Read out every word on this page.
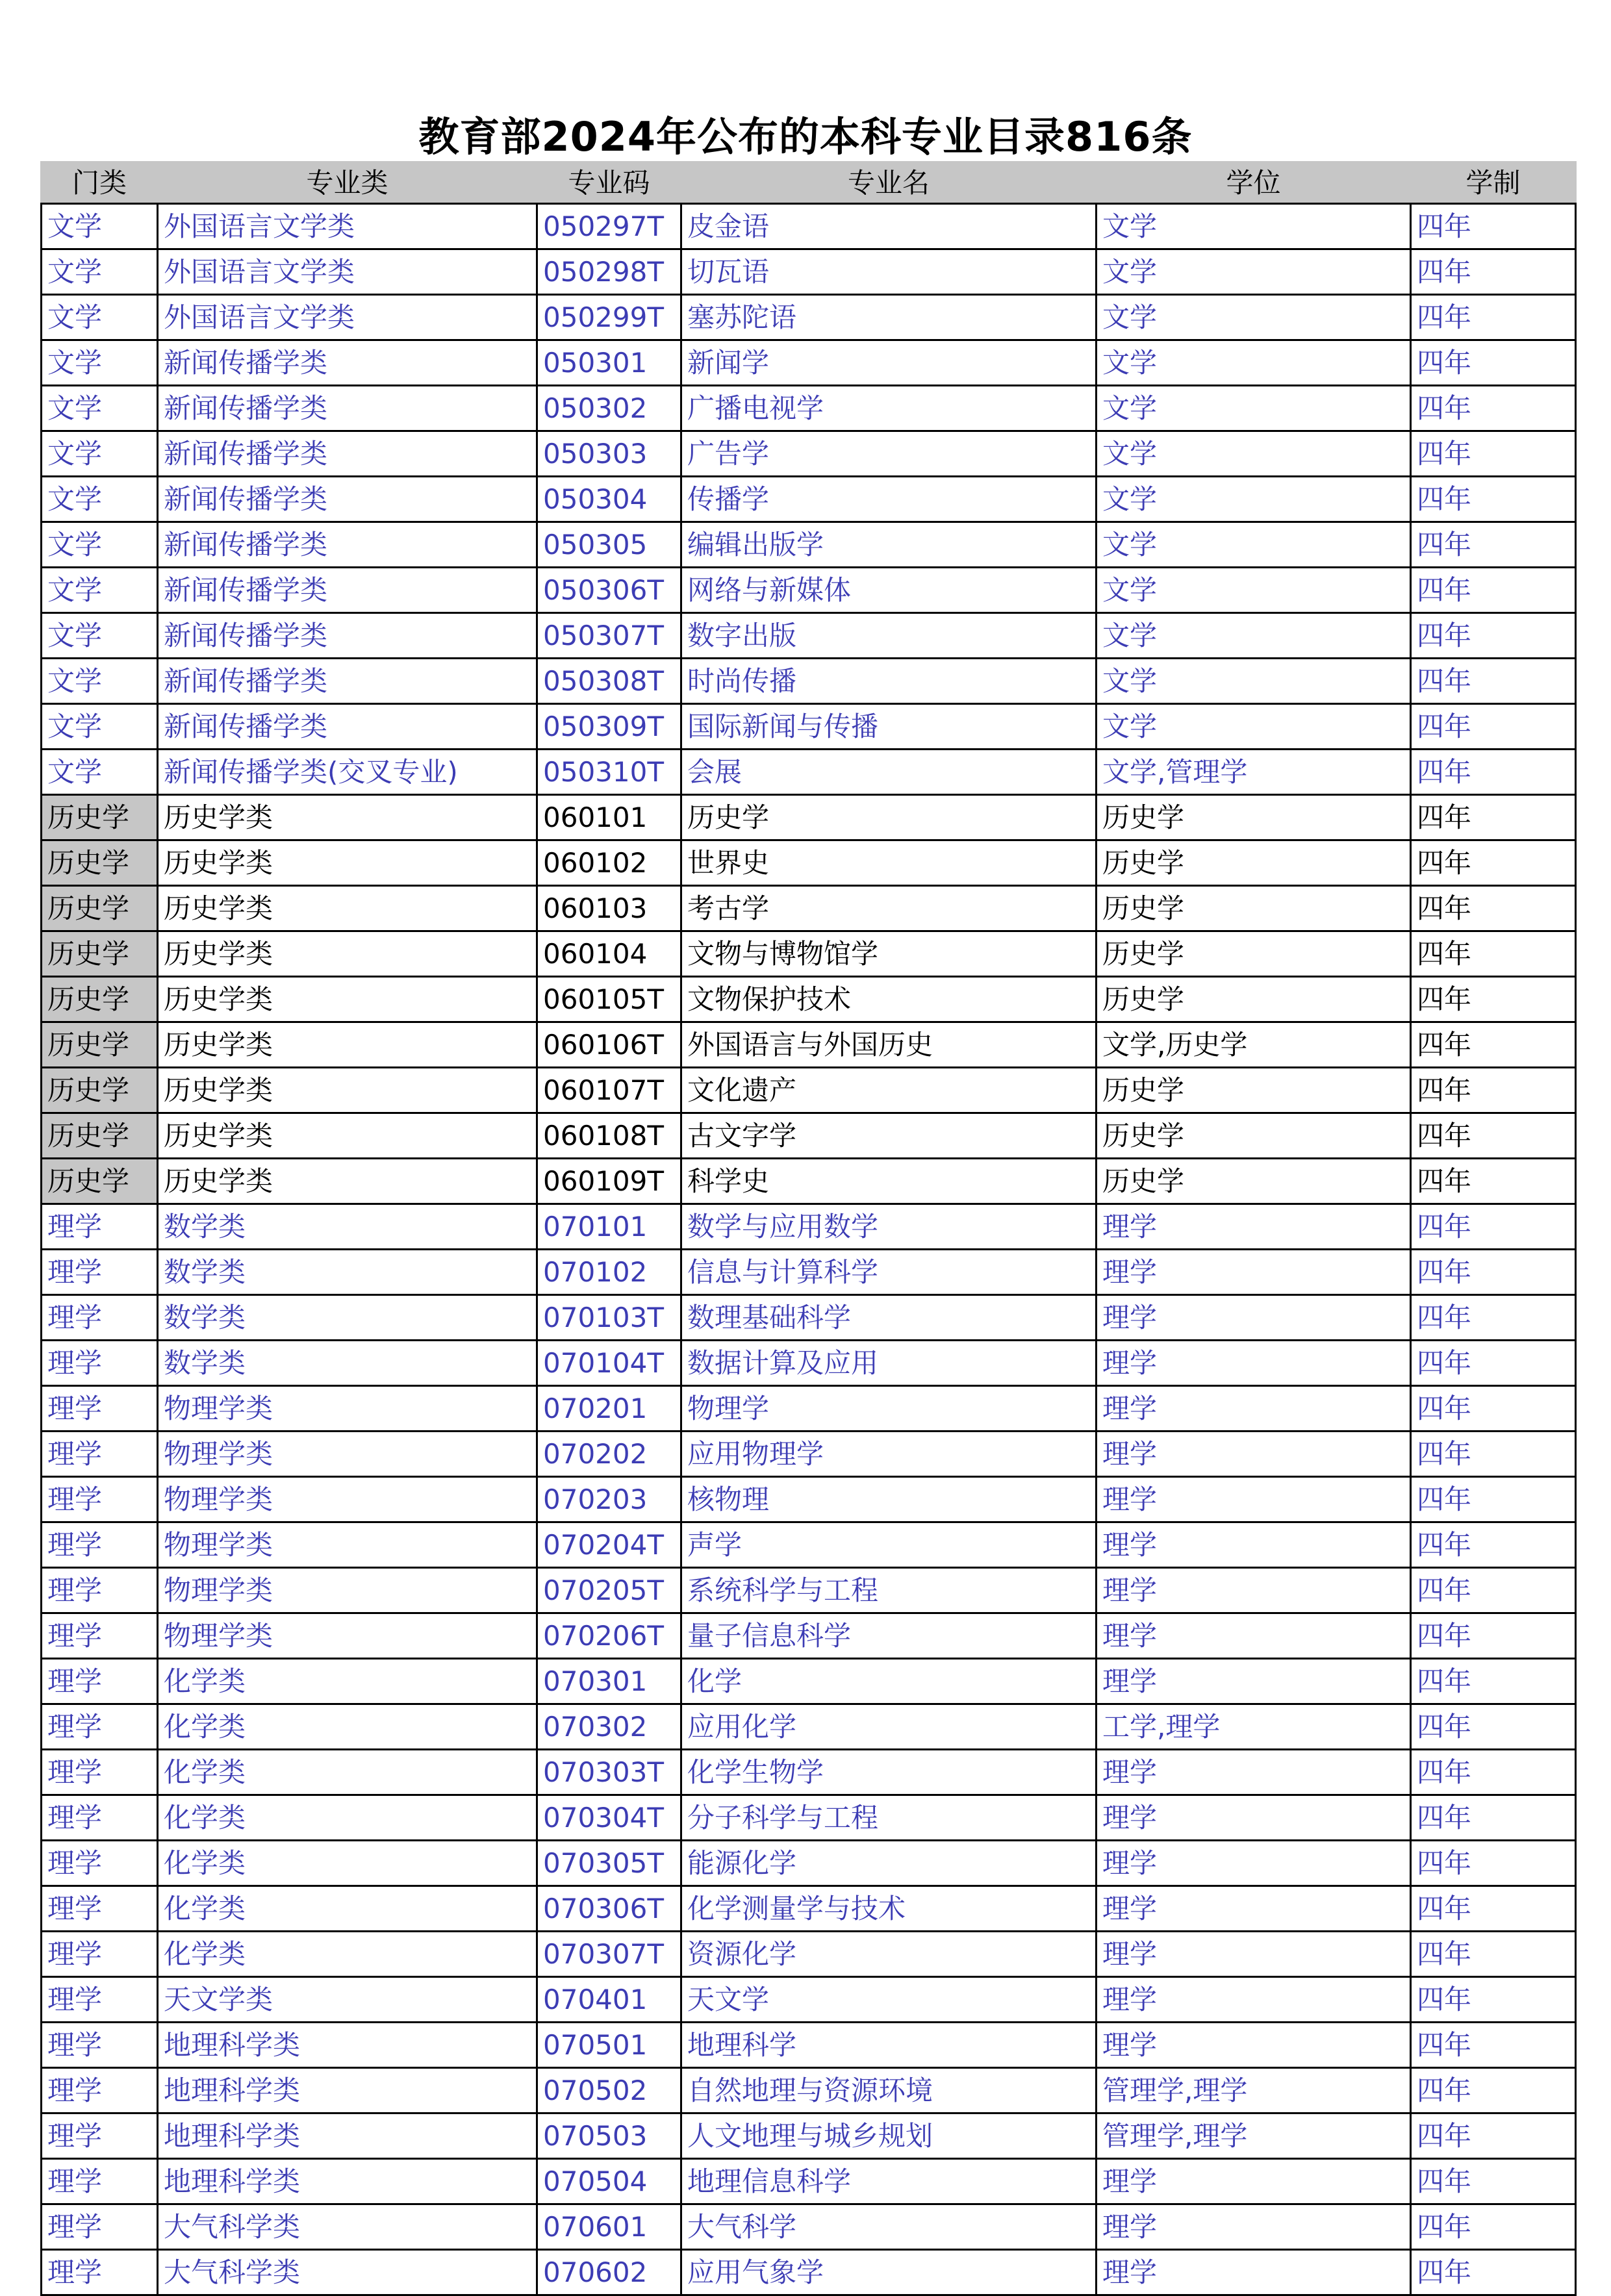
教育部2024年公布的本科专业目录816条
门类	专业类	专业码	专业名	学位	学制
文学	外国语言文学类	050297T	皮金语	文学	四年
文学	外国语言文学类	050298T	切瓦语	文学	四年
文学	外国语言文学类	050299T	塞苏陀语	文学	四年
文学	新闻传播学类	050301	新闻学	文学	四年
文学	新闻传播学类	050302	广播电视学	文学	四年
文学	新闻传播学类	050303	广告学	文学	四年
文学	新闻传播学类	050304	传播学	文学	四年
文学	新闻传播学类	050305	编辑出版学	文学	四年
文学	新闻传播学类	050306T	网络与新媒体	文学	四年
文学	新闻传播学类	050307T	数字出版	文学	四年
文学	新闻传播学类	050308T	时尚传播	文学	四年
文学	新闻传播学类	050309T	国际新闻与传播	文学	四年
文学	新闻传播学类(交叉专业)	050310T	会展	文学,管理学	四年
历史学	历史学类	060101	历史学	历史学	四年
历史学	历史学类	060102	世界史	历史学	四年
历史学	历史学类	060103	考古学	历史学	四年
历史学	历史学类	060104	文物与博物馆学	历史学	四年
历史学	历史学类	060105T	文物保护技术	历史学	四年
历史学	历史学类	060106T	外国语言与外国历史	文学,历史学	四年
历史学	历史学类	060107T	文化遗产	历史学	四年
历史学	历史学类	060108T	古文字学	历史学	四年
历史学	历史学类	060109T	科学史	历史学	四年
理学	数学类	070101	数学与应用数学	理学	四年
理学	数学类	070102	信息与计算科学	理学	四年
理学	数学类	070103T	数理基础科学	理学	四年
理学	数学类	070104T	数据计算及应用	理学	四年
理学	物理学类	070201	物理学	理学	四年
理学	物理学类	070202	应用物理学	理学	四年
理学	物理学类	070203	核物理	理学	四年
理学	物理学类	070204T	声学	理学	四年
理学	物理学类	070205T	系统科学与工程	理学	四年
理学	物理学类	070206T	量子信息科学	理学	四年
理学	化学类	070301	化学	理学	四年
理学	化学类	070302	应用化学	工学,理学	四年
理学	化学类	070303T	化学生物学	理学	四年
理学	化学类	070304T	分子科学与工程	理学	四年
理学	化学类	070305T	能源化学	理学	四年
理学	化学类	070306T	化学测量学与技术	理学	四年
理学	化学类	070307T	资源化学	理学	四年
理学	天文学类	070401	天文学	理学	四年
理学	地理科学类	070501	地理科学	理学	四年
理学	地理科学类	070502	自然地理与资源环境	管理学,理学	四年
理学	地理科学类	070503	人文地理与城乡规划	管理学,理学	四年
理学	地理科学类	070504	地理信息科学	理学	四年
理学	大气科学类	070601	大气科学	理学	四年
理学	大气科学类	070602	应用气象学	理学	四年
